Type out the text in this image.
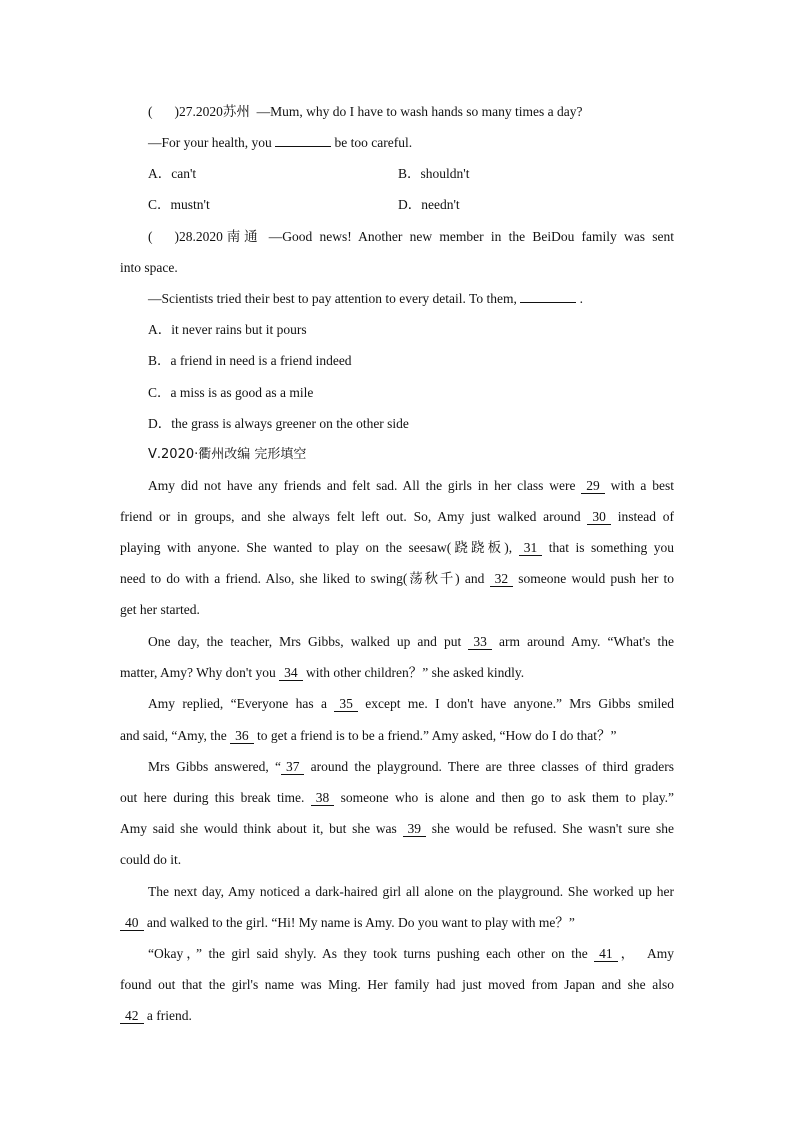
( )27.2020苏州 —Mum, why do I have to wash hands so many times a day?
—For your health, you	be too careful.
A．can't	B．shouldn't
C．mustn't	D．needn't
( )28.2020南通 —Good news! Another new member in the BeiDou family was sent
into space.
—Scientists tried their best to pay attention to every detail. To them,	.
A．it never rains but it pours
B．a friend in need is a friend indeed
C．a miss is as good as a mile
D．the grass is always greener on the other side
Ⅴ.2020·衢州改编 完形填空
Amy did not have any friends and felt sad. All the girls in her class were 29 with a best
friend or in groups, and she always felt left out. So, Amy just walked around 30 instead of
playing with anyone. She wanted to play on the seesaw(跷跷板), 31 that is something you
need to do with a friend. Also, she liked to swing(荡秋千) and 32 someone would push her to
get her started.
One day, the teacher, Mrs Gibbs, walked up and put 33 arm around Amy. “What's the
matter, Amy? Why don't you 34 with other children？” she asked kindly.
Amy replied, “Everyone has a 35 except me. I don't have anyone.” Mrs Gibbs smiled
and said, “Amy, the 36 to get a friend is to be a friend.” Amy asked, “How do I do that？”
Mrs Gibbs answered, “ 37 around the playground. There are three classes of third graders
out here during this break time. 38 someone who is alone and then go to ask them to play.”
Amy said she would think about it, but she was 39 she would be refused. She wasn't sure she
could do it.
The next day, Amy noticed a dark-haired girl all alone on the playground. She worked up her
40 and walked to the girl. “Hi! My name is Amy. Do you want to play with me？”
“Okay，” the girl said shyly. As they took turns pushing each other on the 41 ，　Amy
found out that the girl's name was Ming. Her family had just moved from Japan and she also
42 a friend.
